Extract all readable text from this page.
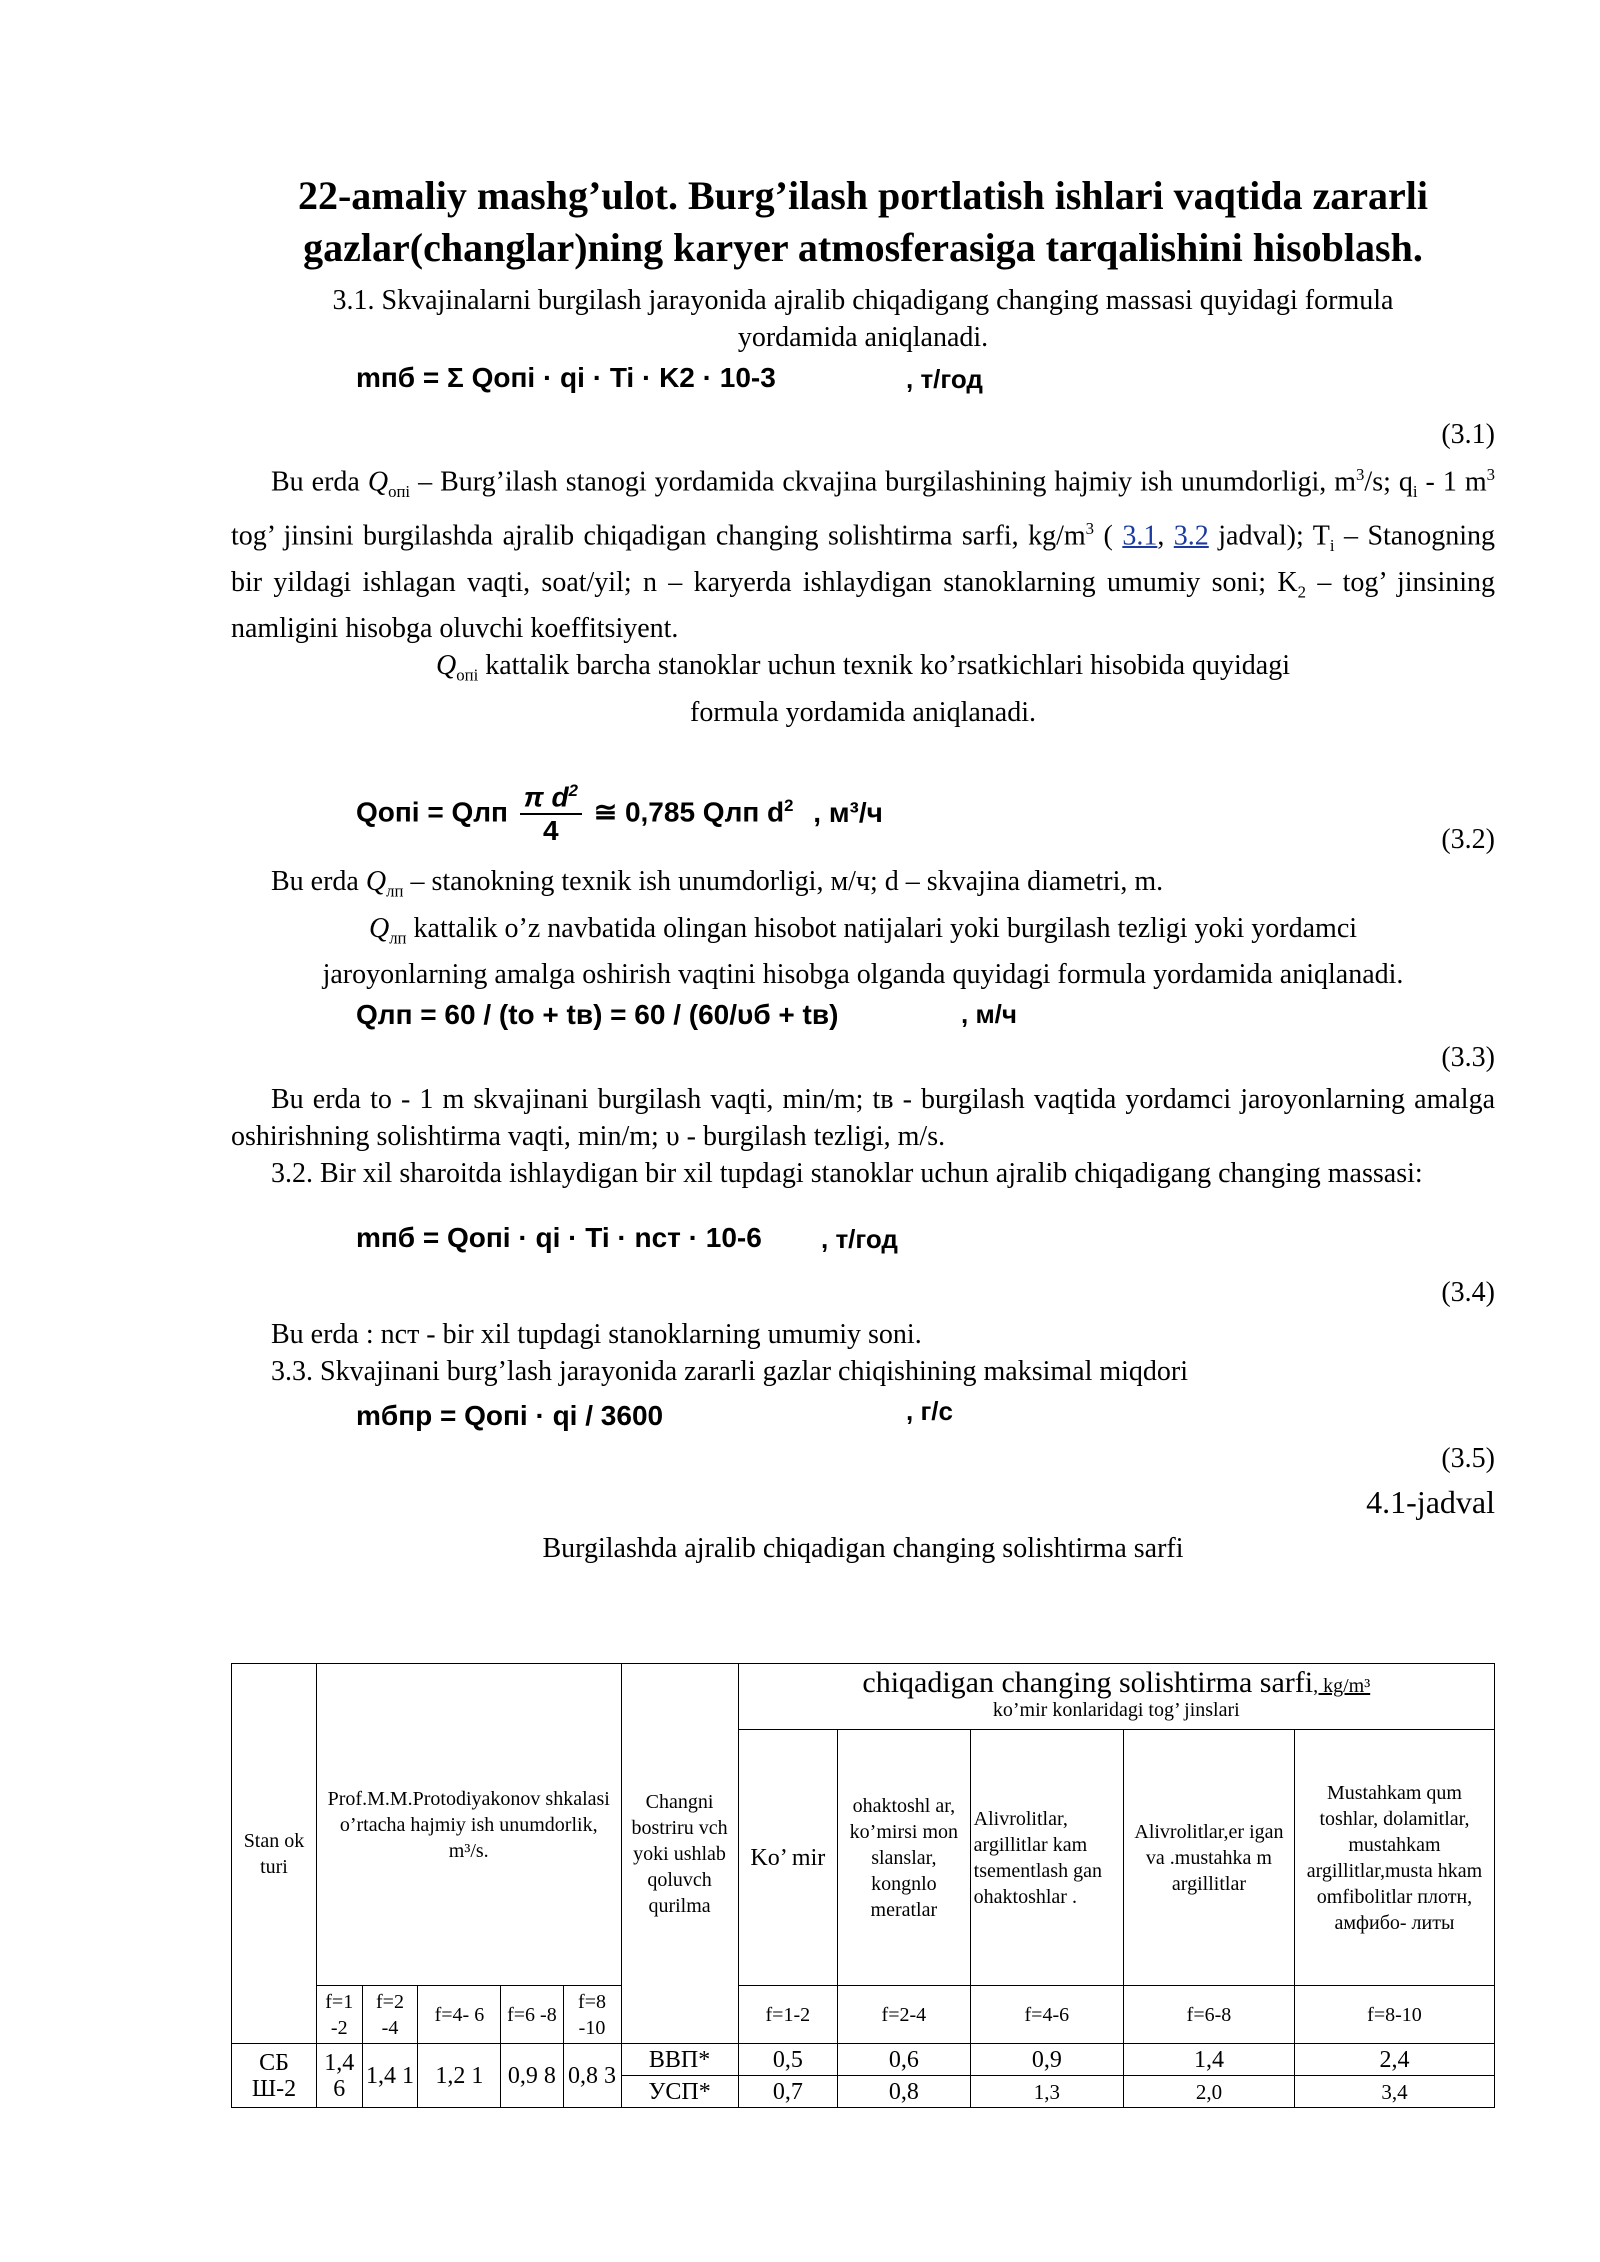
22-amaliy mashg’ulot. Burg’ilash portlatish ishlari vaqtida zararli gazlar(changlar)ning karyer atmosferasiga tarqalishini hisoblash.

3.1. Skvajinalarni burgilash jarayonida ajralib chiqadigang changing massasi quyidagi formula yordamida aniqlanadi.

mпб = Σ Qопi · qi · Ti · K2 · 10-3	, т/год
(3.1)

Bu erda $Q_{опi}$ – Burg’ilash stanogi yordamida ckvajina burgilashining hajmiy ish unumdorligi, $m^3/s$; $q_i - 1$ $m^3$ tog’ jinsini burgilashda ajralib chiqadigan changing solishtirma sarfi, $kg/m^3$ ( 3.1, 3.2 jadval); $T_i$ – Stanogning bir yildagi ishlagan vaqti, soat/yil; n – karyerda ishlaydigan stanoklarning umumiy soni; $K_2$ – tog’ jinsining namligini hisobga oluvchi koeffitsiyent.

$Q_{опi}$ kattalik barcha stanoklar uchun texnik ko’rsatkichlari hisobida quyidagi
formula yordamida aniqlanadi.

Qопi = Qлп $\frac{\pi d^2}{4}$ ≅ 0,785 Qлп $d^2$ , м³/ч
(3.2)

Bu erda $Q_{лп}$ – stanokning texnik ish unumdorligi, м/ч; d – skvajina diametri, m.

$Q_{лп}$ kattalik o’z navbatida olingan hisobot natijalari yoki burgilash tezligi yoki yordamci
jaroyonlarning amalga oshirish vaqtini hisobga olganda quyidagi formula yordamida aniqlanadi.

Qлп = 60 / (tо + tв) = 60 / (60/υб + tв)	, м/ч
(3.3)

Bu erda tо - 1 m skvajinani burgilash vaqti, min/m; tв - burgilash vaqtida yordamci jaroyonlarning amalga oshirishning solishtirma vaqti, min/m; υ - burgilash tezligi, m/s.

3.2. Bir xil sharoitda ishlaydigan bir xil tupdagi stanoklar uchun ajralib chiqadigang changing massasi:

mпб = Qопi · qi · Ti · nст · 10-6 , т/год
(3.4)

Bu erda : nст - bir xil tupdagi stanoklarning umumiy soni.

3.3. Skvajinani burg’lash jarayonida zararli gazlar chiqishining maksimal miqdori

mбпр = Qопi · qi / 3600	, г/с
(3.5)
4.1-jadval

Burgilashda ajralib chiqadigan changing solishtirma sarfi

Stan ok turi	Prof.M.M.Protodiyakonov shkalasi o’rtacha hajmiy ish unumdorlik, m³/s.					Changni bostriru vch yoki ushlab qoluvch qurilma	chiqadigan changing solishtirma sarfi, kg/m³
ko’mir konlaridagi tog’ jinslari				
							Ko’ mir	ohaktoshl ar, ko’mirsi mon slanslar, kongnlo meratlar	Alivrolitlar, argillitlar kam tsementlash gan ohaktoshlar .	Alivrolitlar,er igan va .mustahka m argillitlar	Mustahkam qum toshlar, dolamitlar, mustahkam argillitlar,musta hkam omfibolitlar плотн, амфибо- литы
	f=1 -2	f=2 -4	f=4- 6	f=6 -8	f=8 -10		f=1-2	f=2-4	f=4-6	f=6-8	f=8-10
СБ Ш-2	1,4 6	1,4 1	1,2 1	0,9 8	0,8 3	ВВП*	0,5	0,6	0,9	1,4	2,4
						УСП*	0,7	0,8	1,3	2,0	3,4
